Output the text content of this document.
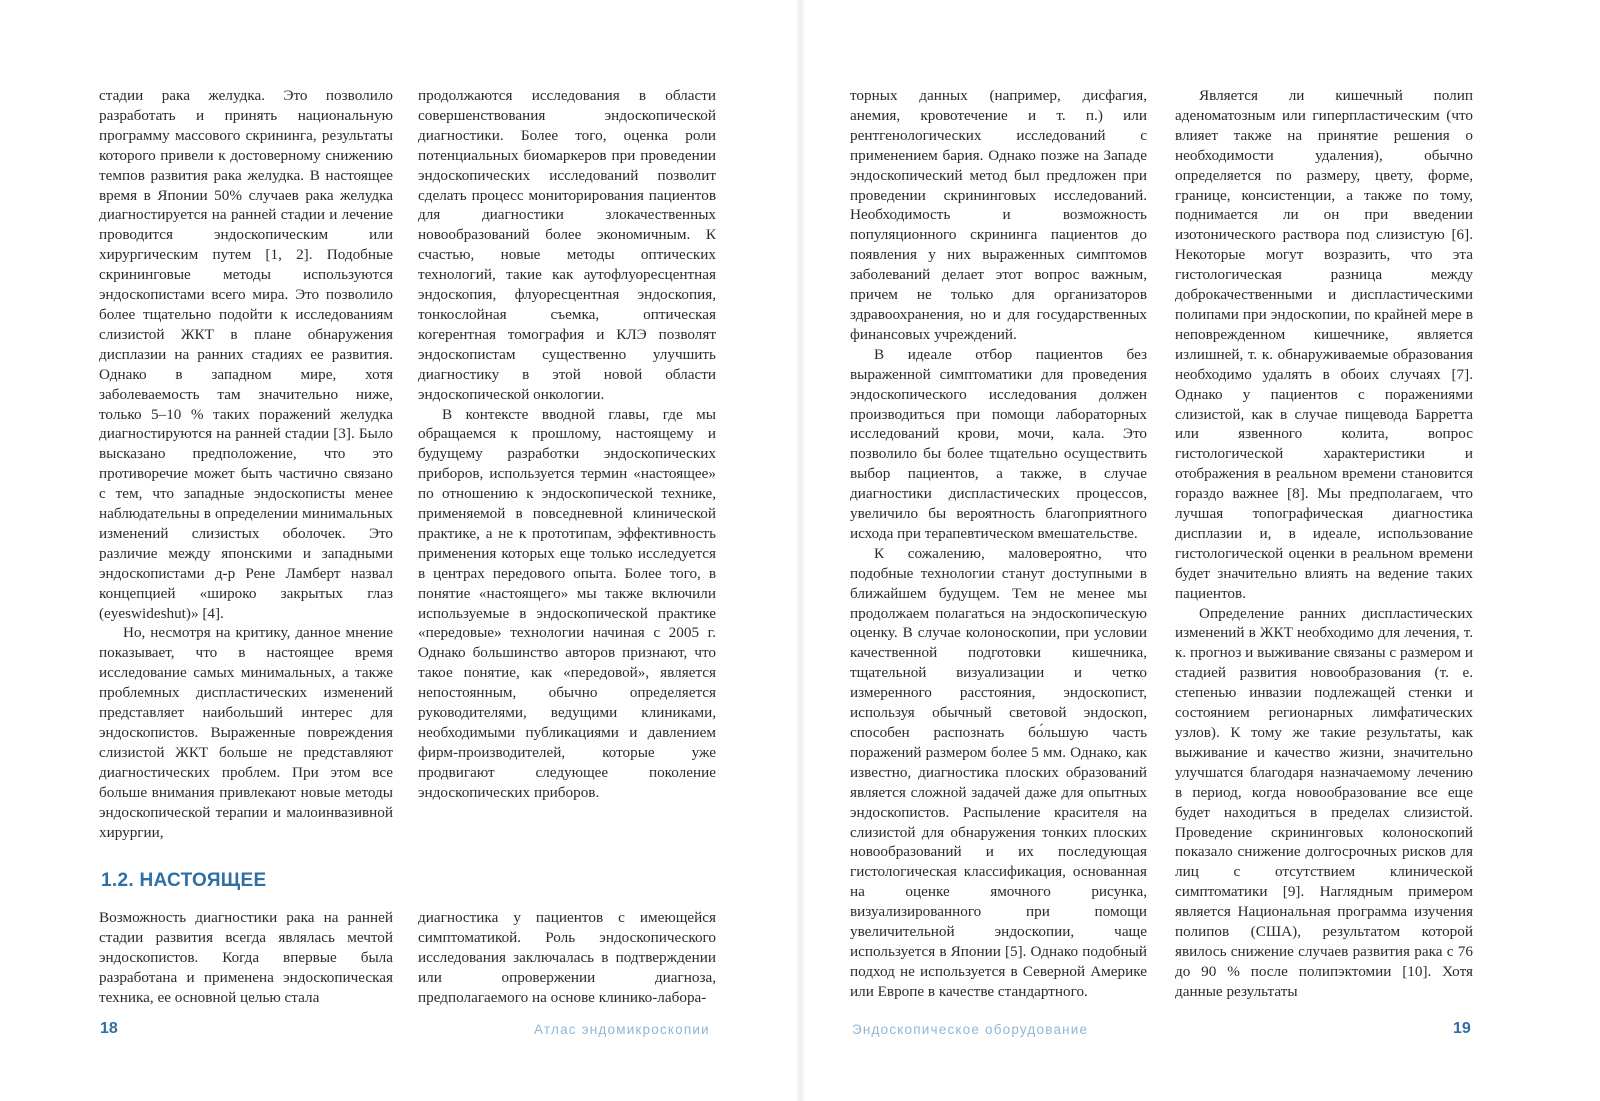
стадии рака желудка. Это позволило разработать и принять национальную программу массового скрининга, результаты которого привели к достоверному снижению темпов развития рака желудка. В настоящее время в Японии 50% случаев рака желудка диагностируется на ранней стадии и лечение проводится эндоскопическим или хирургическим путем [1, 2]. Подобные скрининговые методы используются эндоскопистами всего мира. Это позволило более тщательно подойти к исследованиям слизистой ЖКТ в плане обнаружения дисплазии на ранних стадиях ее развития. Однако в западном мире, хотя заболеваемость там значительно ниже, только 5–10 % таких поражений желудка диагностируются на ранней стадии [3]. Было высказано предположение, что это противоречие может быть частично связано с тем, что западные эндоскописты менее наблюдательны в определении минимальных изменений слизистых оболочек. Это различие между японскими и западными эндоскопистами д-р Рене Ламберт назвал концепцией «широко закрытых глаз (eyeswideshut)» [4].

Но, несмотря на критику, данное мнение показывает, что в настоящее время исследование самых минимальных, а также проблемных диспластических изменений представляет наибольший интерес для эндоскопистов. Выраженные повреждения слизистой ЖКТ больше не представляют диагностических проблем. При этом все больше внимания привлекают новые методы эндоскопической терапии и малоинвазивной хирургии,

продолжаются исследования в области совершенствования эндоскопической диагностики. Более того, оценка роли потенциальных биомаркеров при проведении эндоскопических исследований позволит сделать процесс мониторирования пациентов для диагностики злокачественных новообразований более экономичным. К счастью, новые методы оптических технологий, такие как аутофлуоресцентная эндоскопия, флуоресцентная эндоскопия, тонкослойная съемка, оптическая когерентная томография и КЛЭ позволят эндоскопистам существенно улучшить диагностику в этой новой области эндоскопической онкологии.

В контексте вводной главы, где мы обращаемся к прошлому, настоящему и будущему разработки эндоскопических приборов, используется термин «настоящее» по отношению к эндоскопической технике, применяемой в повседневной клинической практике, а не к прототипам, эффективность применения которых еще только исследуется в центрах передового опыта. Более того, в понятие «настоящего» мы также включили используемые в эндоскопической практике «передовые» технологии начиная с 2005 г. Однако большинство авторов признают, что такое понятие, как «передовой», является непостоянным, обычно определяется руководителями, ведущими клиниками, необходимыми публикациями и давлением фирм-производителей, которые уже продвигают следующее поколение эндоскопических приборов.

1.2. НАСТОЯЩЕЕ

Возможность диагностики рака на ранней стадии развития всегда являлась мечтой эндоскопистов. Когда впервые была разработана и применена эндоскопическая техника, ее основной целью стала

диагностика у пациентов с имеющейся симптоматикой. Роль эндоскопического исследования заключалась в подтверждении или опровержении диагноза, предполагаемого на основе клинико-лабора-

18	Атлас эндомикроскопии

торных данных (например, дисфагия, анемия, кровотечение и т. п.) или рентгенологических исследований с применением бария. Однако позже на Западе эндоскопический метод был предложен при проведении скрининговых исследований. Необходимость и возможность популяционного скрининга пациентов до появления у них выраженных симптомов заболеваний делает этот вопрос важным, причем не только для организаторов здравоохранения, но и для государственных финансовых учреждений.

В идеале отбор пациентов без выраженной симптоматики для проведения эндоскопического исследования должен производиться при помощи лабораторных исследований крови, мочи, кала. Это позволило бы более тщательно осуществить выбор пациентов, а также, в случае диагностики диспластических процессов, увеличило бы вероятность благоприятного исхода при терапевтическом вмешательстве.

К сожалению, маловероятно, что подобные технологии станут доступными в ближайшем будущем. Тем не менее мы продолжаем полагаться на эндоскопическую оценку. В случае колоноскопии, при условии качественной подготовки кишечника, тщательной визуализации и четко измеренного расстояния, эндоскопист, используя обычный световой эндоскоп, способен распознать бо́льшую часть поражений размером более 5 мм. Однако, как известно, диагностика плоских образований является сложной задачей даже для опытных эндоскопистов. Распыление красителя на слизистой для обнаружения тонких плоских новообразований и их последующая гистологическая классификация, основанная на оценке ямочного рисунка, визуализированного при помощи увеличительной эндоскопии, чаще используется в Японии [5]. Однако подобный подход не используется в Северной Америке или Европе в качестве стандартного.

Является ли кишечный полип аденоматозным или гиперпластическим (что влияет также на принятие решения о необходимости удаления), обычно определяется по размеру, цвету, форме, границе, консистенции, а также по тому, поднимается ли он при введении изотонического раствора под слизистую [6]. Некоторые могут возразить, что эта гистологическая разница между доброкачественными и диспластическими полипами при эндоскопии, по крайней мере в неповрежденном кишечнике, является излишней, т. к. обнаруживаемые образования необходимо удалять в обоих случаях [7]. Однако у пациентов с поражениями слизистой, как в случае пищевода Барретта или язвенного колита, вопрос гистологической характеристики и отображения в реальном времени становится гораздо важнее [8]. Мы предполагаем, что лучшая топографическая диагностика дисплазии и, в идеале, использование гистологической оценки в реальном времени будет значительно влиять на ведение таких пациентов.

Определение ранних диспластических изменений в ЖКТ необходимо для лечения, т. к. прогноз и выживание связаны с размером и стадией развития новообразования (т. е. степенью инвазии подлежащей стенки и состоянием регионарных лимфатических узлов). К тому же такие результаты, как выживание и качество жизни, значительно улучшатся благодаря назначаемому лечению в период, когда новообразование все еще будет находиться в пределах слизистой. Проведение скрининговых колоноскопий показало снижение долгосрочных рисков для лиц с отсутствием клинической симптоматики [9]. Наглядным примером является Национальная программа изучения полипов (США), результатом которой явилось снижение случаев развития рака с 76 до 90 % после полипэктомии [10]. Хотя данные результаты

Эндоскопическое оборудование	19
